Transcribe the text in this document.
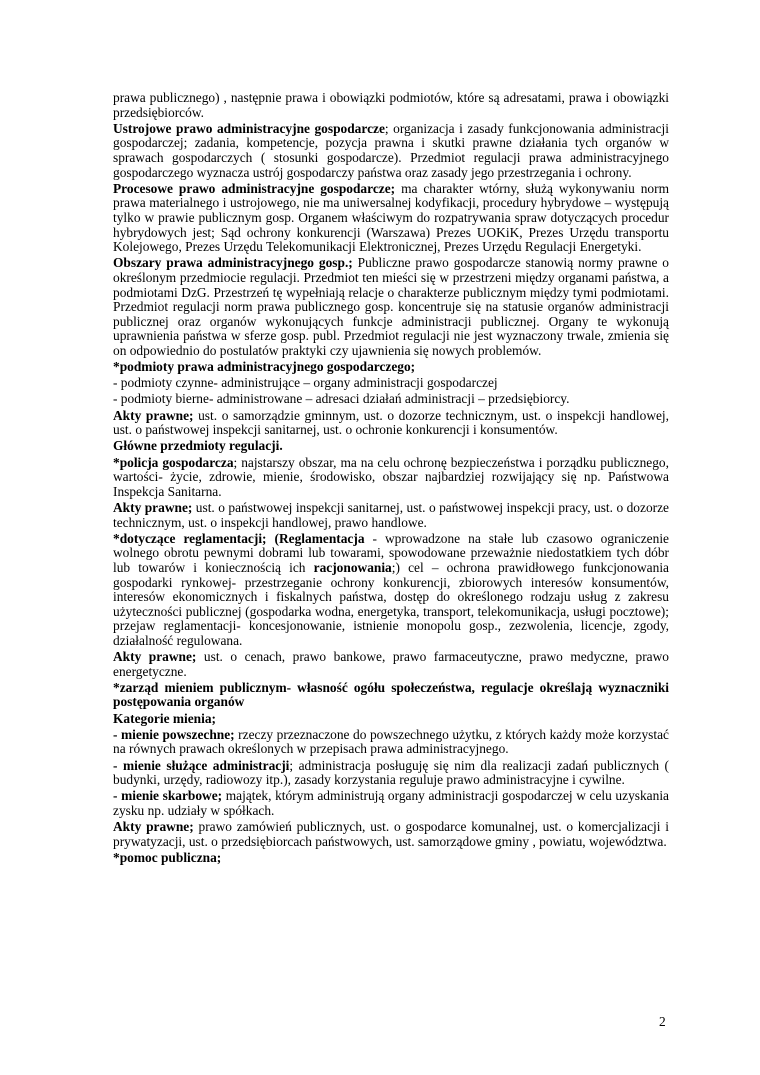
prawa publicznego) , następnie prawa i obowiązki podmiotów, które są adresatami, prawa i obowiązki przedsiębiorców.

Ustrojowe prawo administracyjne gospodarcze; organizacja i zasady funkcjonowania administracji gospodarczej; zadania, kompetencje, pozycja prawna i skutki prawne działania tych organów w sprawach gospodarczych ( stosunki gospodarcze). Przedmiot regulacji prawa administracyjnego gospodarczego wyznacza ustrój gospodarczy państwa oraz zasady jego przestrzegania i ochrony.

Procesowe prawo administracyjne gospodarcze; ma charakter wtórny, służą wykonywaniu norm prawa materialnego i ustrojowego, nie ma uniwersalnej kodyfikacji, procedury hybrydowe – występują tylko w prawie publicznym gosp. Organem właściwym do rozpatrywania spraw dotyczących procedur hybrydowych jest; Sąd ochrony konkurencji (Warszawa) Prezes UOKiK, Prezes Urzędu transportu Kolejowego, Prezes Urzędu Telekomunikacji Elektronicznej, Prezes Urzędu Regulacji Energetyki.

Obszary prawa administracyjnego gosp.; Publiczne prawo gospodarcze stanowią normy prawne o określonym przedmiocie regulacji. Przedmiot ten mieści się w przestrzeni między organami państwa, a podmiotami DzG. Przestrzeń tę wypełniają relacje o charakterze publicznym między tymi podmiotami. Przedmiot regulacji norm prawa publicznego gosp. koncentruje się na statusie organów administracji publicznej oraz organów wykonujących funkcje administracji publicznej. Organy te wykonują uprawnienia państwa w sferze gosp. publ. Przedmiot regulacji nie jest wyznaczony trwale, zmienia się on odpowiednio do postulatów praktyki czy ujawnienia się nowych problemów.

*podmioty prawa administracyjnego gospodarczego;

- podmioty czynne- administrujące – organy administracji gospodarczej

- podmioty bierne- administrowane – adresaci działań administracji – przedsiębiorcy.

Akty prawne; ust. o samorządzie gminnym, ust. o dozorze technicznym, ust. o inspekcji handlowej, ust. o państwowej inspekcji sanitarnej, ust. o ochronie konkurencji i konsumentów.

Główne przedmioty regulacji.

*policja gospodarcza; najstarszy obszar, ma na celu ochronę bezpieczeństwa i porządku publicznego, wartości- życie, zdrowie, mienie, środowisko, obszar najbardziej rozwijający się np. Państwowa Inspekcja Sanitarna.

Akty prawne; ust. o państwowej inspekcji sanitarnej, ust. o państwowej inspekcji pracy, ust. o dozorze technicznym, ust. o inspekcji handlowej, prawo handlowe.

*dotyczące reglamentacji; (Reglamentacja - wprowadzone na stałe lub czasowo ograniczenie wolnego obrotu pewnymi dobrami lub towarami, spowodowane przeważnie niedostatkiem tych dóbr lub towarów i koniecznością ich racjonowania;) cel – ochrona prawidłowego funkcjonowania gospodarki rynkowej- przestrzeganie ochrony konkurencji, zbiorowych interesów konsumentów, interesów ekonomicznych i fiskalnych państwa, dostęp do określonego rodzaju usług z zakresu użyteczności publicznej (gospodarka wodna, energetyka, transport, telekomunikacja, usługi pocztowe); przejaw reglamentacji- koncesjonowanie, istnienie monopolu gosp., zezwolenia, licencje, zgody, działalność regulowana.

Akty prawne; ust. o cenach, prawo bankowe, prawo farmaceutyczne, prawo medyczne, prawo energetyczne.

*zarząd mieniem publicznym- własność ogółu społeczeństwa, regulacje określają wyznaczniki postępowania organów

Kategorie mienia;

- mienie powszechne; rzeczy przeznaczone do powszechnego użytku, z których każdy może korzystać na równych prawach określonych w przepisach prawa administracyjnego.

- mienie służące administracji; administracja posługuję się nim dla realizacji zadań publicznych ( budynki, urzędy, radiowozy itp.), zasady korzystania reguluje prawo administracyjne i cywilne.

- mienie skarbowe; majątek, którym administrują organy administracji gospodarczej w celu uzyskania zysku np. udziały w spółkach.

Akty prawne; prawo zamówień publicznych, ust. o gospodarce komunalnej, ust. o komercjalizacji i prywatyzacji, ust. o przedsiębiorcach państwowych, ust. samorządowe gminy , powiatu, województwa.

*pomoc publiczna;

2
